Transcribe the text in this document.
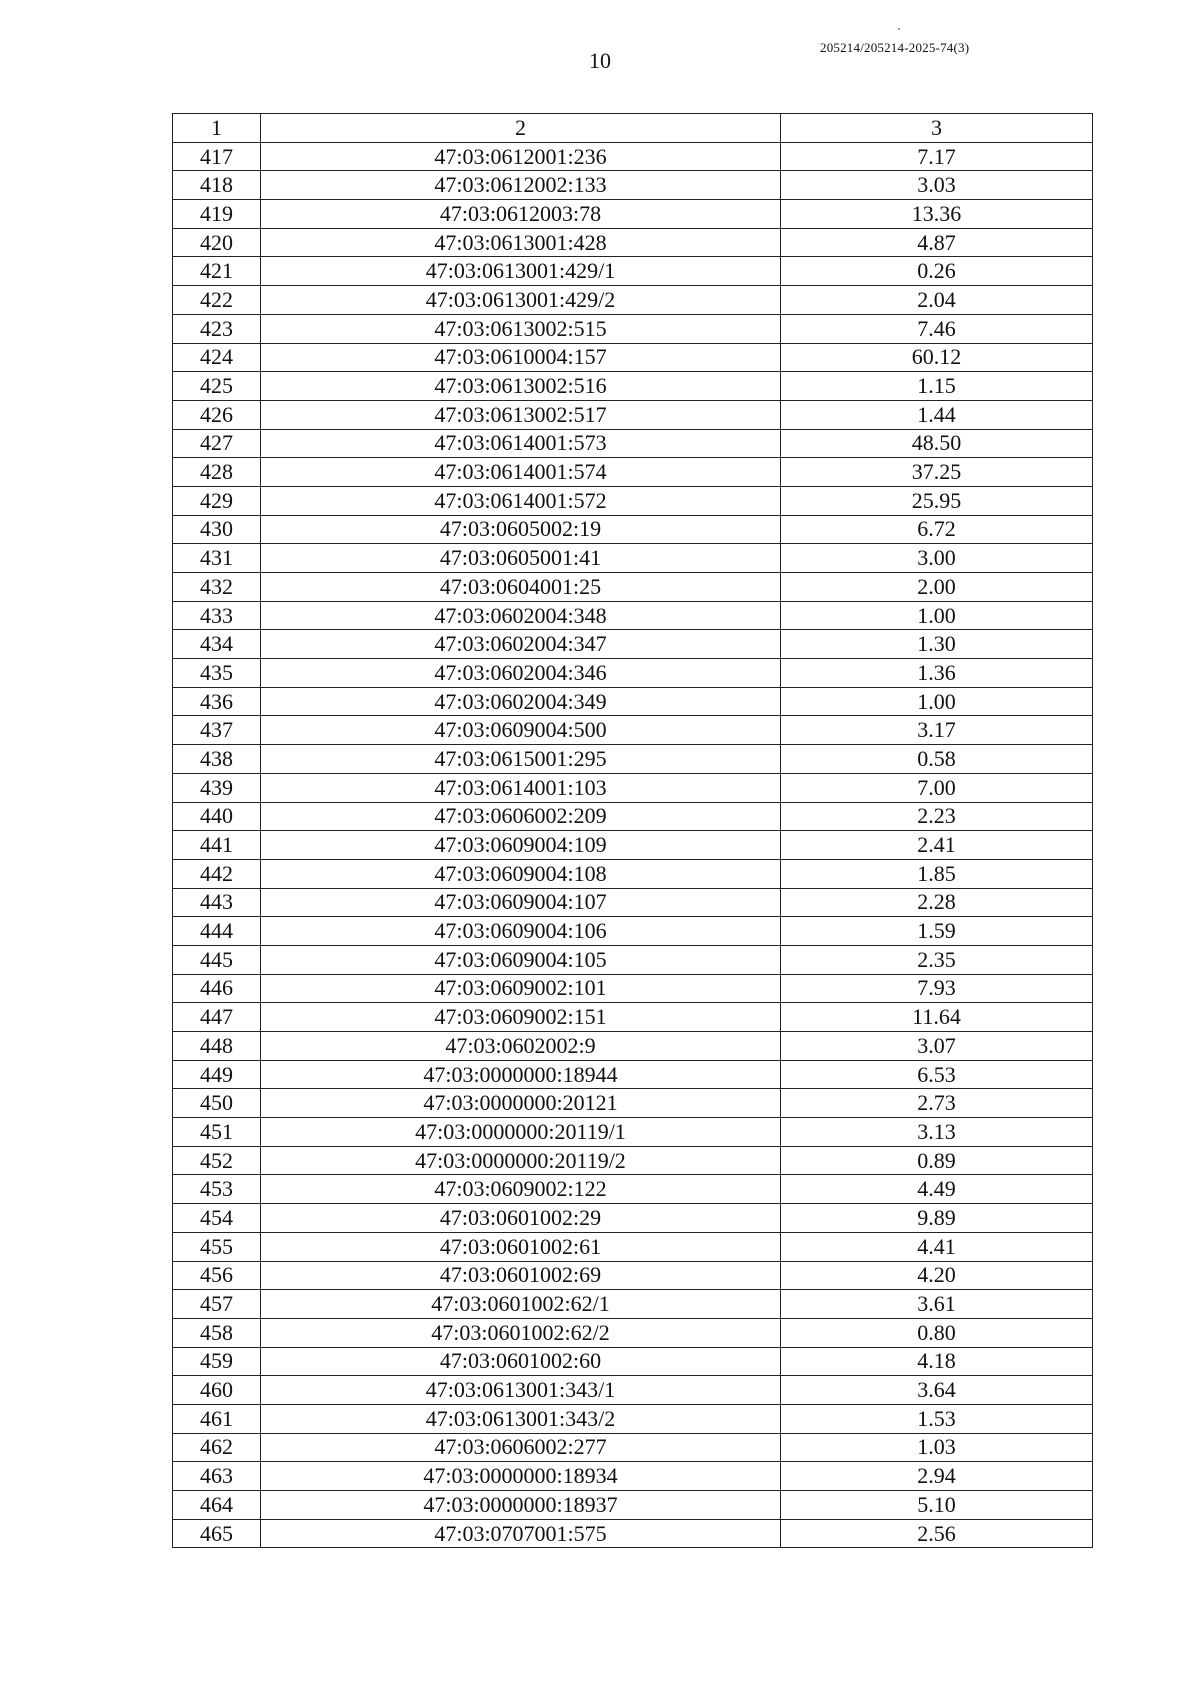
10
205214/205214-2025-74(3)
1	2	3
417	47:03:0612001:236	7.17
418	47:03:0612002:133	3.03
419	47:03:0612003:78	13.36
420	47:03:0613001:428	4.87
421	47:03:0613001:429/1	0.26
422	47:03:0613001:429/2	2.04
423	47:03:0613002:515	7.46
424	47:03:0610004:157	60.12
425	47:03:0613002:516	1.15
426	47:03:0613002:517	1.44
427	47:03:0614001:573	48.50
428	47:03:0614001:574	37.25
429	47:03:0614001:572	25.95
430	47:03:0605002:19	6.72
431	47:03:0605001:41	3.00
432	47:03:0604001:25	2.00
433	47:03:0602004:348	1.00
434	47:03:0602004:347	1.30
435	47:03:0602004:346	1.36
436	47:03:0602004:349	1.00
437	47:03:0609004:500	3.17
438	47:03:0615001:295	0.58
439	47:03:0614001:103	7.00
440	47:03:0606002:209	2.23
441	47:03:0609004:109	2.41
442	47:03:0609004:108	1.85
443	47:03:0609004:107	2.28
444	47:03:0609004:106	1.59
445	47:03:0609004:105	2.35
446	47:03:0609002:101	7.93
447	47:03:0609002:151	11.64
448	47:03:0602002:9	3.07
449	47:03:0000000:18944	6.53
450	47:03:0000000:20121	2.73
451	47:03:0000000:20119/1	3.13
452	47:03:0000000:20119/2	0.89
453	47:03:0609002:122	4.49
454	47:03:0601002:29	9.89
455	47:03:0601002:61	4.41
456	47:03:0601002:69	4.20
457	47:03:0601002:62/1	3.61
458	47:03:0601002:62/2	0.80
459	47:03:0601002:60	4.18
460	47:03:0613001:343/1	3.64
461	47:03:0613001:343/2	1.53
462	47:03:0606002:277	1.03
463	47:03:0000000:18934	2.94
464	47:03:0000000:18937	5.10
465	47:03:0707001:575	2.56
